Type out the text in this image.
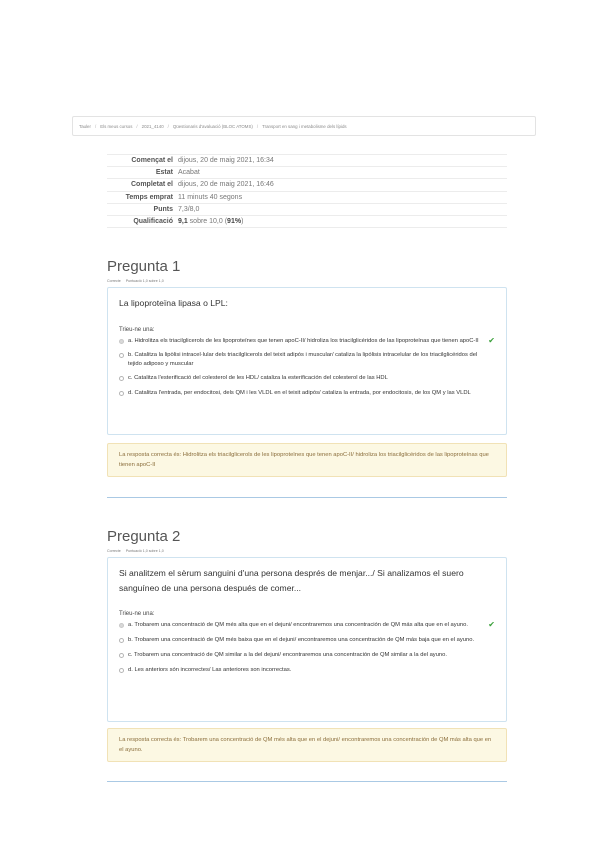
Tauler / Els meus cursos / 2021_4140 / Qüestionaris d'avaluació (BLOC ATOMS) / Transport en sang i metabolisme dels lípids
Començat el	dijous, 20 de maig 2021, 16:34
Estat	Acabat
Completat el	dijous, 20 de maig 2021, 16:46
Temps emprat	11 minuts 40 segons
Punts	7,3/8,0
Qualificació	9,1 sobre 10,0 (91%)
Pregunta 1
Correcte Puntuació 1,0 sobre 1,0
La lipoproteïna lipasa o LPL:
Trieu-ne una:
a. Hidrolitza els triacilglicerols de les lipoproteïnes que tenen apoC-II/ hidroliza los triacilglicéridos de las lipoproteínas que tienen apoC-II	✔
b. Catalitza la lipòlisi intracel·lular dels triacilglicerols del teixit adipós i muscular/ cataliza la lipólisis intracelular de los triacilglicéridos del tejido adiposo y muscular
c. Catalitza l'esterificació del colesterol de les HDL/ cataliza la esterificación del colesterol de las HDL
d. Catalitza l'entrada, per endocitosi, dels QM i les VLDL en el teixit adipós/ cataliza la entrada, por endocitosis, de los QM y las VLDL
La resposta correcta és: Hidrolitza els triacilglicerols de les lipoproteïnes que tenen apoC-II/ hidroliza los triacilglicéridos de las lipoproteínas que tienen apoC-II
Pregunta 2
Correcte Puntuació 1,0 sobre 1,0
Si analitzem el sèrum sanguini d'una persona després de menjar.../ Si analizamos el suero sanguíneo de una persona después de comer...
Trieu-ne una:
a. Trobarem una concentració de QM més alta que en el dejuni/ encontraremos una concentración de QM más alta que en el ayuno.	✔
b. Trobarem una concentració de QM més baixa que en el dejuni/ encontraremos una concentración de QM más baja que en el ayuno.
c. Trobarem una concentració de QM similar a la del dejuni/ encontraremos una concentración de QM similar a la del ayuno.
d. Les anteriors són incorrectes/ Las anteriores son incorrectas.
La resposta correcta és: Trobarem una concentració de QM més alta que en el dejuni/ encontraremos una concentración de QM más alta que en el ayuno.
